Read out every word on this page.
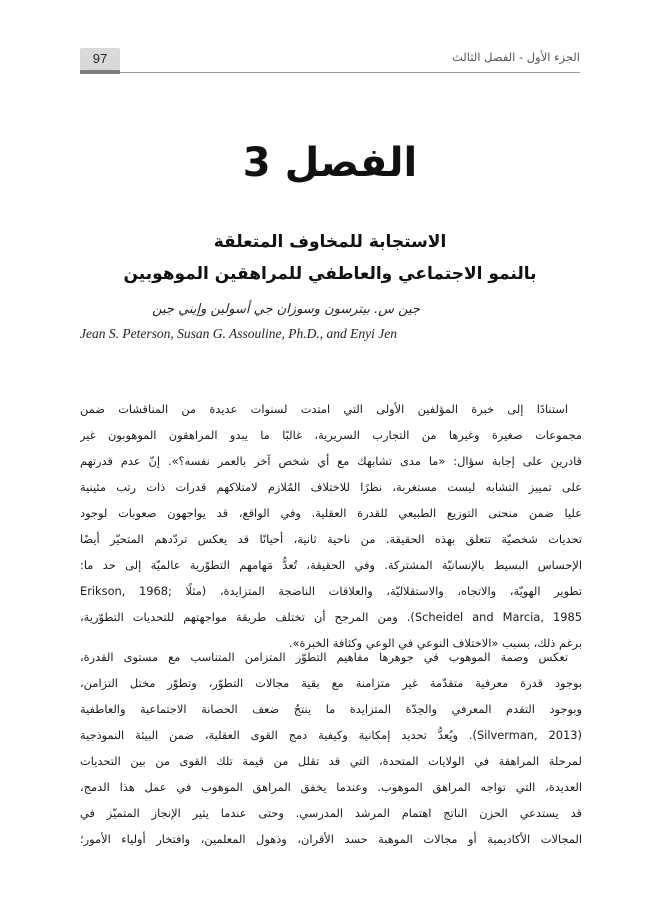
97	الجزء الأول - الفصل الثالث
الفصل 3
الاستجابة للمخاوف المتعلقة
بالنمو الاجتماعي والعاطفي للمراهقين الموهوبين
جين س. بيترسون وسوزان جي أسولين وإيني جين
Jean S. Peterson, Susan G. Assouline, Ph.D., and Enyi Jen
استنادًا إلى خبرة المؤلفين الأولى التي امتدت لسنوات عديدة من المناقشات ضمن
مجموعات صغيرة وغيرها من التجارب السريرية، غالبًا ما يبدو المراهقون الموهوبون غير
قادرين على إجابة سؤال: «ما مدى تشابهك مع أي شخص آخر بالعمر نفسه؟». إنّ عدم قدرتهم
على تمييز التشابه ليست مستغربة، نظرًا للاختلاف المُلازم لامتلاكهم قدرات ذات رتب مئينية
عليا ضمن منحنى التوزيع الطبيعي للقدرة العقلية. وفي الواقع، قد يواجهون صعوبات لوجود
تحديات شخصيّة تتعلق بهذه الحقيقة. من ناحية ثانية، أحيانًا قد يعكس تردّدهم المتحيّر أيضًا
الإحساس البسيط بالإنسانيّة المشتركة. وفي الحقيقة، تُعدُّ مَهامهم التطوّرية عالميّة إلى حد ما:
تطوير الهويّة، والاتجاه، والاستقلاليّة، والعلاقات الناضجة المتزايدة، (مثلًا ;Erikson, 1968
Scheidel and Marcia, 1985). ومن المرجح أن تختلف طريقة مواجهتهم للتحديات التطوّرية،
برغم ذلك، بسبب «الاختلاف النوعي في الوعي وكثافة الخبرة».
تعكس وصمة الموهوب في جوهرها مفاهيم التطوّر المتزامن المتناسب مع مستوى القدرة،
بوجود قدرة معرفية متقدّمة غير متزامنة مع بقية مجالات التطوّر، وتطوّر مختل التزامن،
وبوجود التقدم المعرفي والحِدّة المتزايدة ما ينتجُ ضعف الحصانة الاجتماعية والعاطفية
(Silverman, 2013). ويُعدُّ تحديد إمكانية وكيفية دمج القوى العقلية، ضمن البيئة النموذجية
لمرحلة المراهقة في الولايات المتحدة، التي قد تقلل من قيمة تلك القوى من بين التحديات
العديدة، التي تواجه المراهق الموهوب. وعندما يخفق المراهق الموهوب في عمل هذا الدمج،
قد يستدعي الحزن الناتج اهتمام المرشد المدرسي. وحتى عندما يثير الإنجاز المتميّز في
المجالات الأكاديمية أو مجالات الموهبة حسد الأقران، وذهول المعلمين، وافتخار أولياء الأمور؛
